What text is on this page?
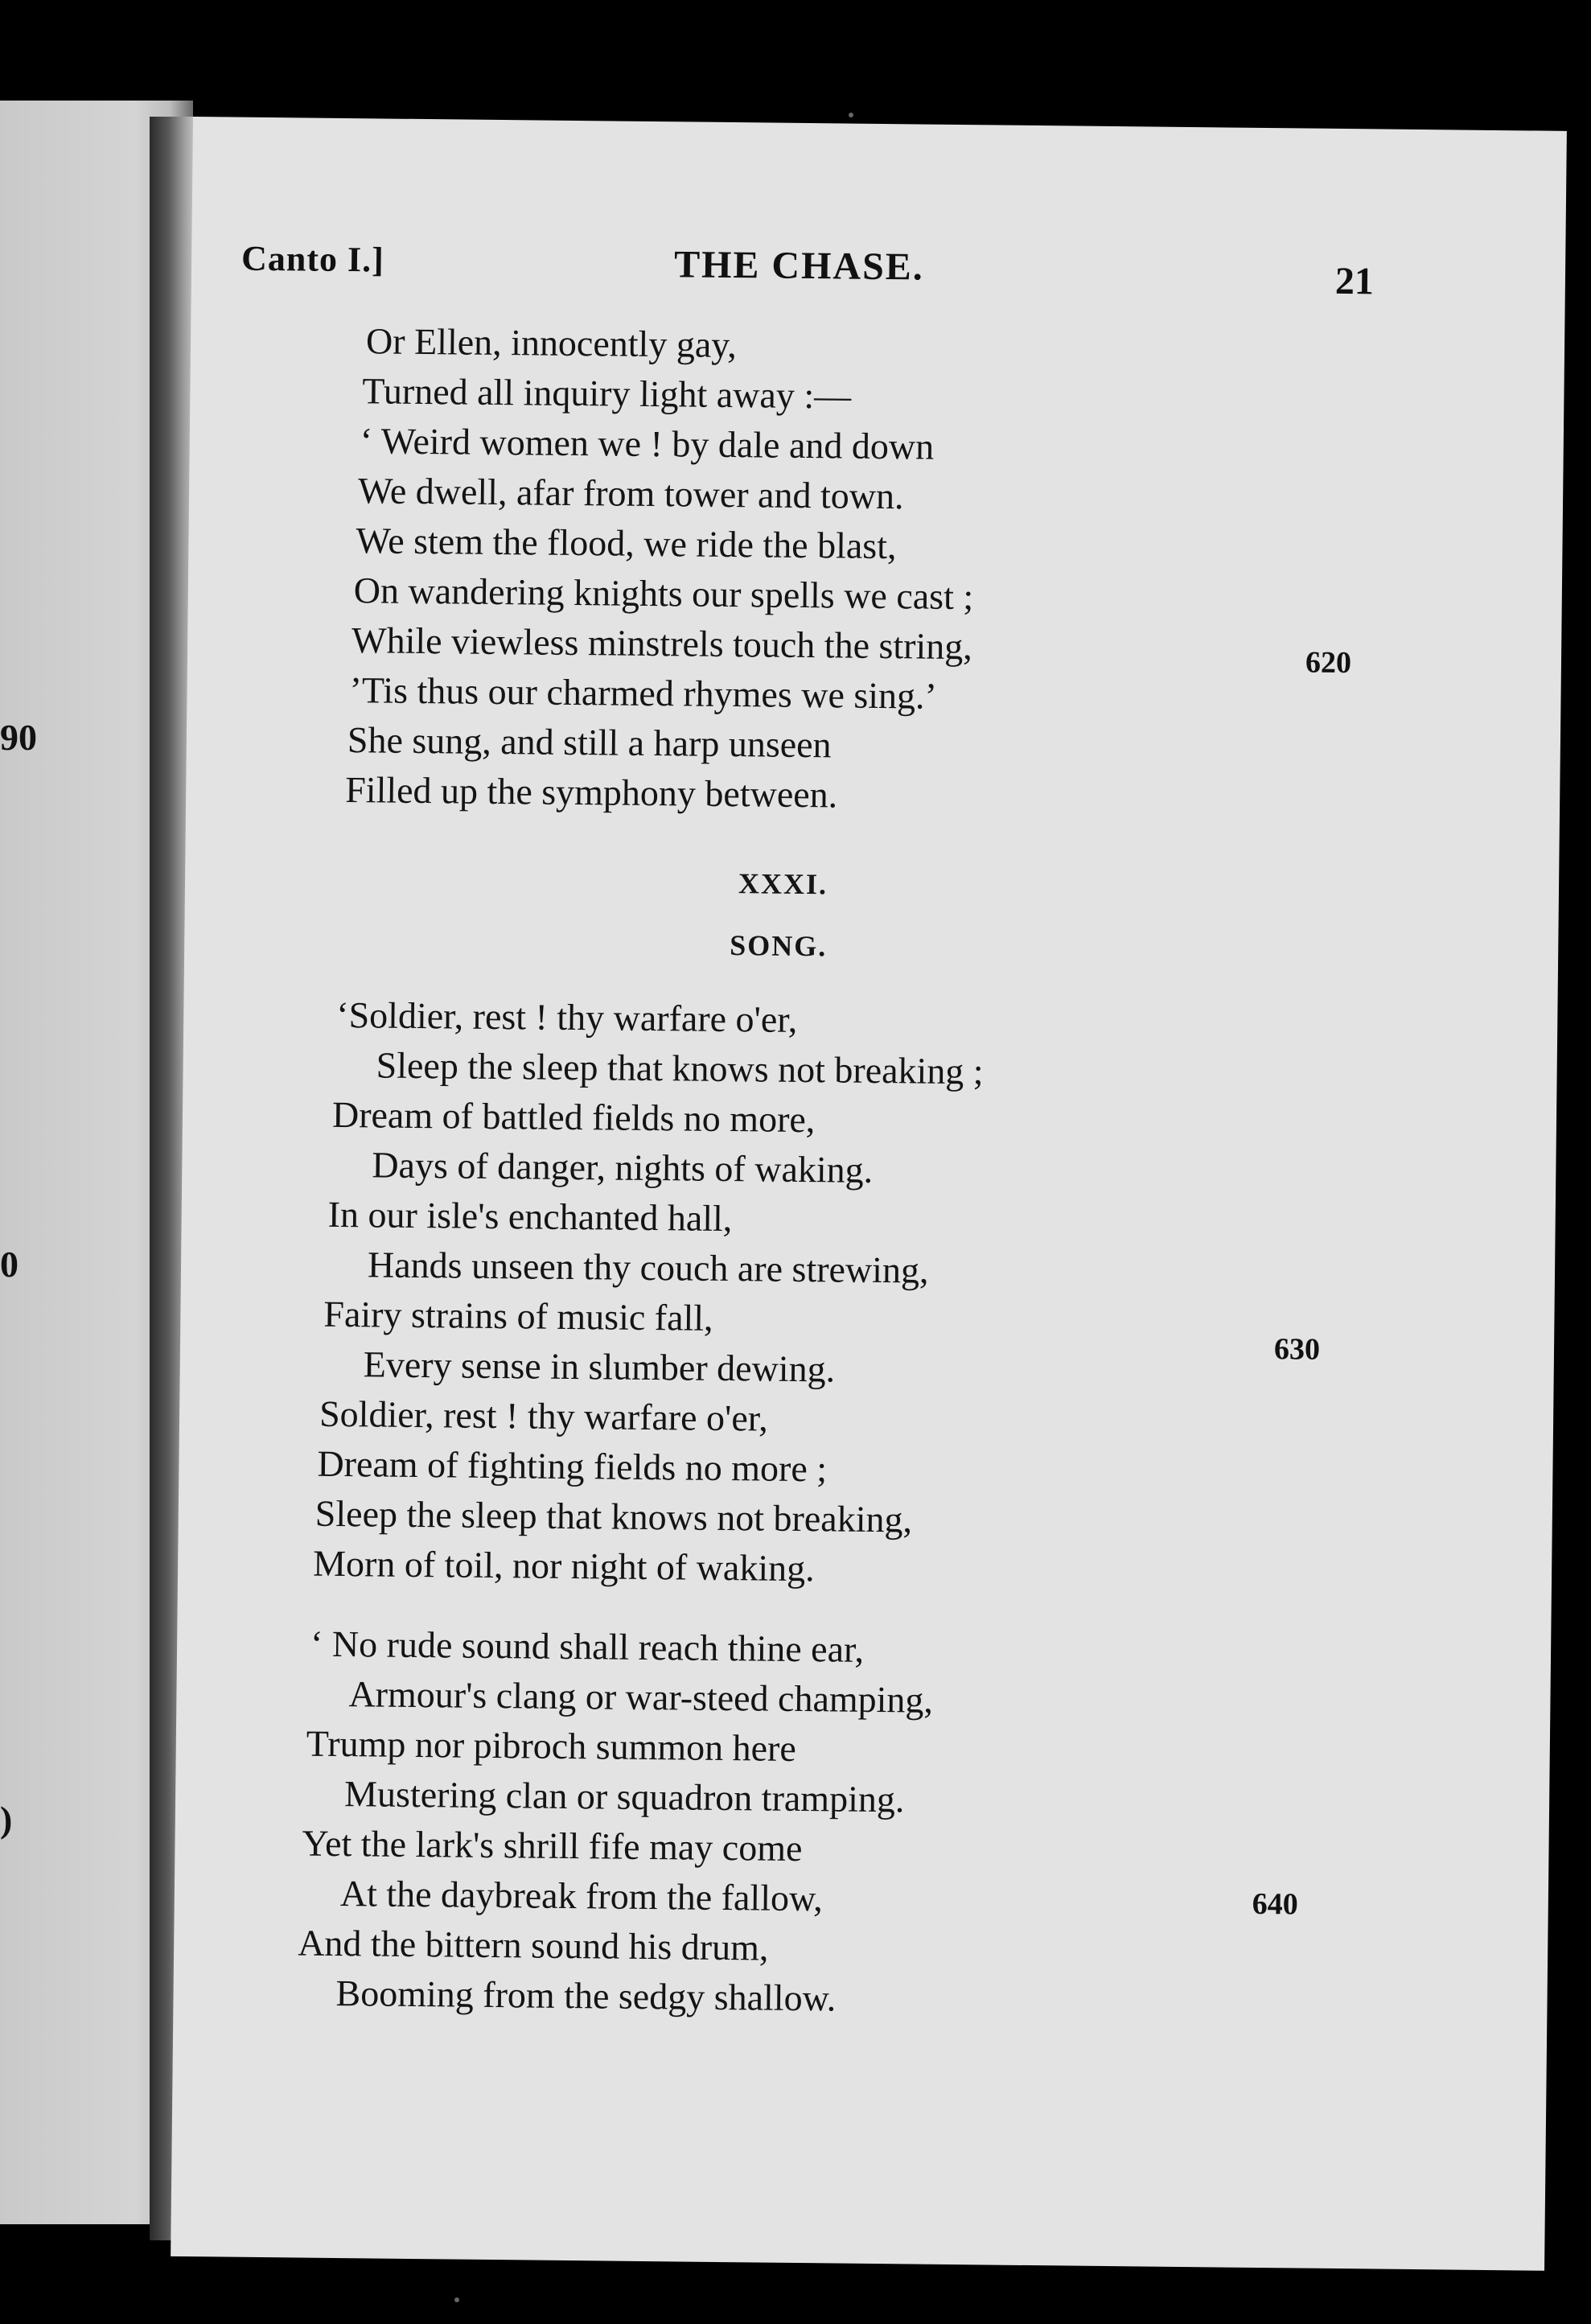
90
0
)
Canto I.]	THE CHASE.	21
Or Ellen, innocently gay,
Turned all inquiry light away :—
‘ Weird women we ! by dale and down
We dwell, afar from tower and town.
We stem the flood, we ride the blast,
On wandering knights our spells we cast ;
While viewless minstrels touch the string,
’Tis thus our charmed rhymes we sing.’
She sung, and still a harp unseen
Filled up the symphony between.
620
XXXI.
SONG.
‘Soldier, rest ! thy warfare o'er,
Sleep the sleep that knows not breaking ;
Dream of battled fields no more,
Days of danger, nights of waking.
In our isle's enchanted hall,
Hands unseen thy couch are strewing,
Fairy strains of music fall,
Every sense in slumber dewing.
Soldier, rest ! thy warfare o'er,
Dream of fighting fields no more ;
Sleep the sleep that knows not breaking,
Morn of toil, nor night of waking.
630
‘ No rude sound shall reach thine ear,
Armour's clang or war-steed champing,
Trump nor pibroch summon here
Mustering clan or squadron tramping.
Yet the lark's shrill fife may come
At the daybreak from the fallow,
And the bittern sound his drum,
Booming from the sedgy shallow.
640
